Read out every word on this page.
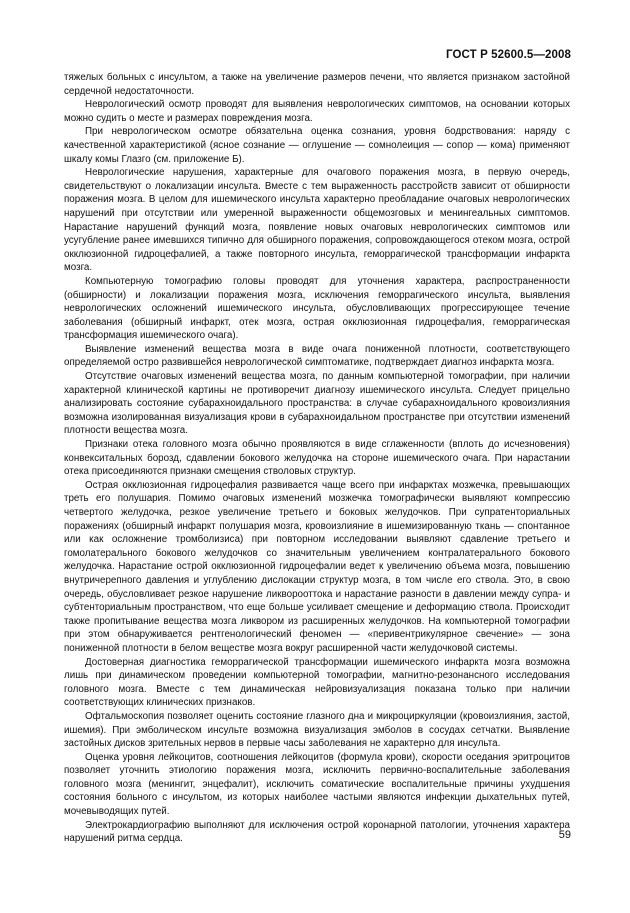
ГОСТ Р 52600.5—2008

тяжелых больных с инсультом, а также на увеличение размеров печени, что является признаком застойной сердечной недостаточности.

Неврологический осмотр проводят для выявления неврологических симптомов, на основании которых можно судить о месте и размерах повреждения мозга.

При неврологическом осмотре обязательна оценка сознания, уровня бодрствования: наряду с качественной характеристикой (ясное сознание — оглушение — сомнолеиция — сопор — кома) применяют шкалу комы Глазго (см. приложение Б).

Неврологические нарушения, характерные для очагового поражения мозга, в первую очередь, свидетельствуют о локализации инсульта. Вместе с тем выраженность расстройств зависит от обширности поражения мозга. В целом для ишемического инсульта характерно преобладание очаговых неврологических нарушений при отсутствии или умеренной выраженности общемозговых и менингеальных симптомов. Нарастание нарушений функций мозга, появление новых очаговых неврологических симптомов или усугубление ранее имевшихся типично для обширного поражения, сопровождающегося отеком мозга, острой окклюзионной гидроцефалией, а также повторного инсульта, геморрагической трансформации инфаркта мозга.

Компьютерную томографию головы проводят для уточнения характера, распространенности (обширности) и локализации поражения мозга, исключения геморрагического инсульта, выявления неврологических осложнений ишемического инсульта, обусловливающих прогрессирующее течение заболевания (обширный инфаркт, отек мозга, острая окклюзионная гидроцефалия, геморрагическая трансформация ишемического очага).

Выявление изменений вещества мозга в виде очага пониженной плотности, соответствующего определяемой остро развившейся неврологической симптоматике, подтверждает диагноз инфаркта мозга.

Отсутствие очаговых изменений вещества мозга, по данным компьютерной томографии, при наличии характерной клинической картины не противоречит диагнозу ишемического инсульта. Следует прицельно анализировать состояние субарахноидального пространства: в случае субарахноидального кровоизлияния возможна изолированная визуализация крови в субарахноидальном пространстве при отсутствии изменений плотности вещества мозга.

Признаки отека головного мозга обычно проявляются в виде сглаженности (вплоть до исчезновения) конвекситальных борозд, сдавлении бокового желудочка на стороне ишемического очага. При нарастании отека присоединяются признаки смещения стволовых структур.

Острая окклюзионная гидроцефалия развивается чаще всего при инфарктах мозжечка, превышающих треть его полушария. Помимо очаговых изменений мозжечка томографически выявляют компрессию четвертого желудочка, резкое увеличение третьего и боковых желудочков. При супратенториальных поражениях (обширный инфаркт полушария мозга, кровоизлияние в ишемизированную ткань — спонтанное или как осложнение тромболизиса) при повторном исследовании выявляют сдавление третьего и гомолатерального бокового желудочков со значительным увеличением контралатерального бокового желудочка. Нарастание острой окклюзионной гидроцефалии ведет к увеличению объема мозга, повышению внутричерепного давления и углублению дислокации структур мозга, в том числе его ствола. Это, в свою очередь, обусловливает резкое нарушение ликворооттока и нарастание разности в давлении между супра- и субтенториальным пространством, что еще больше усиливает смещение и деформацию ствола. Происходит также пропитывание вещества мозга ликвором из расширенных желудочков. На компьютерной томографии при этом обнаруживается рентгенологический феномен — «перивентрикулярное свечение» — зона пониженной плотности в белом веществе мозга вокруг расширенной части желудочковой системы.

Достоверная диагностика геморрагической трансформации ишемического инфаркта мозга возможна лишь при динамическом проведении компьютерной томографии, магнитно-резонансного исследования головного мозга. Вместе с тем динамическая нейровизуализация показана только при наличии соответствующих клинических признаков.

Офтальмоскопия позволяет оценить состояние глазного дна и микроциркуляции (кровоизлияния, застой, ишемия). При эмболическом инсульте возможна визуализация эмболов в сосудах сетчатки. Выявление застойных дисков зрительных нервов в первые часы заболевания не характерно для инсульта.

Оценка уровня лейкоцитов, соотношения лейкоцитов (формула крови), скорости оседания эритроцитов позволяет уточнить этиологию поражения мозга, исключить первично-воспалительные заболевания головного мозга (менингит, энцефалит), исключить соматические воспалительные причины ухудшения состояния больного с инсультом, из которых наиболее частыми являются инфекции дыхательных путей, мочевыводящих путей.

Электрокардиографию выполняют для исключения острой коронарной патологии, уточнения характера нарушений ритма сердца.	59
